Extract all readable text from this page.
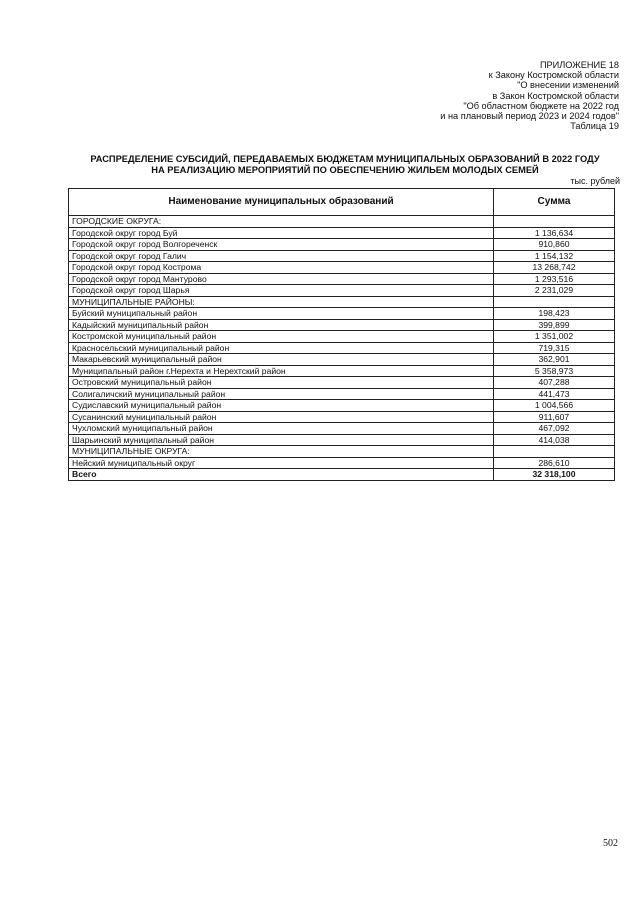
ПРИЛОЖЕНИЕ 18
к Закону Костромской области
"О внесении изменений
в Закон Костромской области
"Об областном бюджете на 2022 год
и на плановый период 2023 и 2024 годов"
Таблица 19
РАСПРЕДЕЛЕНИЕ СУБСИДИЙ, ПЕРЕДАВАЕМЫХ БЮДЖЕТАМ МУНИЦИПАЛЬНЫХ ОБРАЗОВАНИЙ В 2022 ГОДУ
НА РЕАЛИЗАЦИЮ МЕРОПРИЯТИЙ ПО ОБЕСПЕЧЕНИЮ ЖИЛЬЕМ МОЛОДЫХ СЕМЕЙ
тыс. рублей
Наименование муниципальных образований	Сумма
ГОРОДСКИЕ ОКРУГА:	
Городской округ город Буй	1 136,634
Городской округ город Волгореченск	910,860
Городской округ город Галич	1 154,132
Городской округ город Кострома	13 268,742
Городской округ город Мантурово	1 293,516
Городской округ город Шарья	2 231,029
МУНИЦИПАЛЬНЫЕ РАЙОНЫ:	
Буйский муниципальный район	198,423
Кадыйский муниципальный район	399,899
Костромской муниципальный район	1 351,002
Красносельский муниципальный район	719,315
Макарьевский муниципальный район	362,901
Муниципальный район г.Нерехта и Нерехтский район	5 358,973
Островский муниципальный район	407,288
Солигаличский муниципальный район	441,473
Судиславский муниципальный район	1 004,566
Сусанинский муниципальный район	911,607
Чухломский муниципальный район	467,092
Шарьинский муниципальный район	414,038
МУНИЦИПАЛЬНЫЕ ОКРУГА:	
Нейский муниципальный округ	286,610
Всего	32 318,100
502
